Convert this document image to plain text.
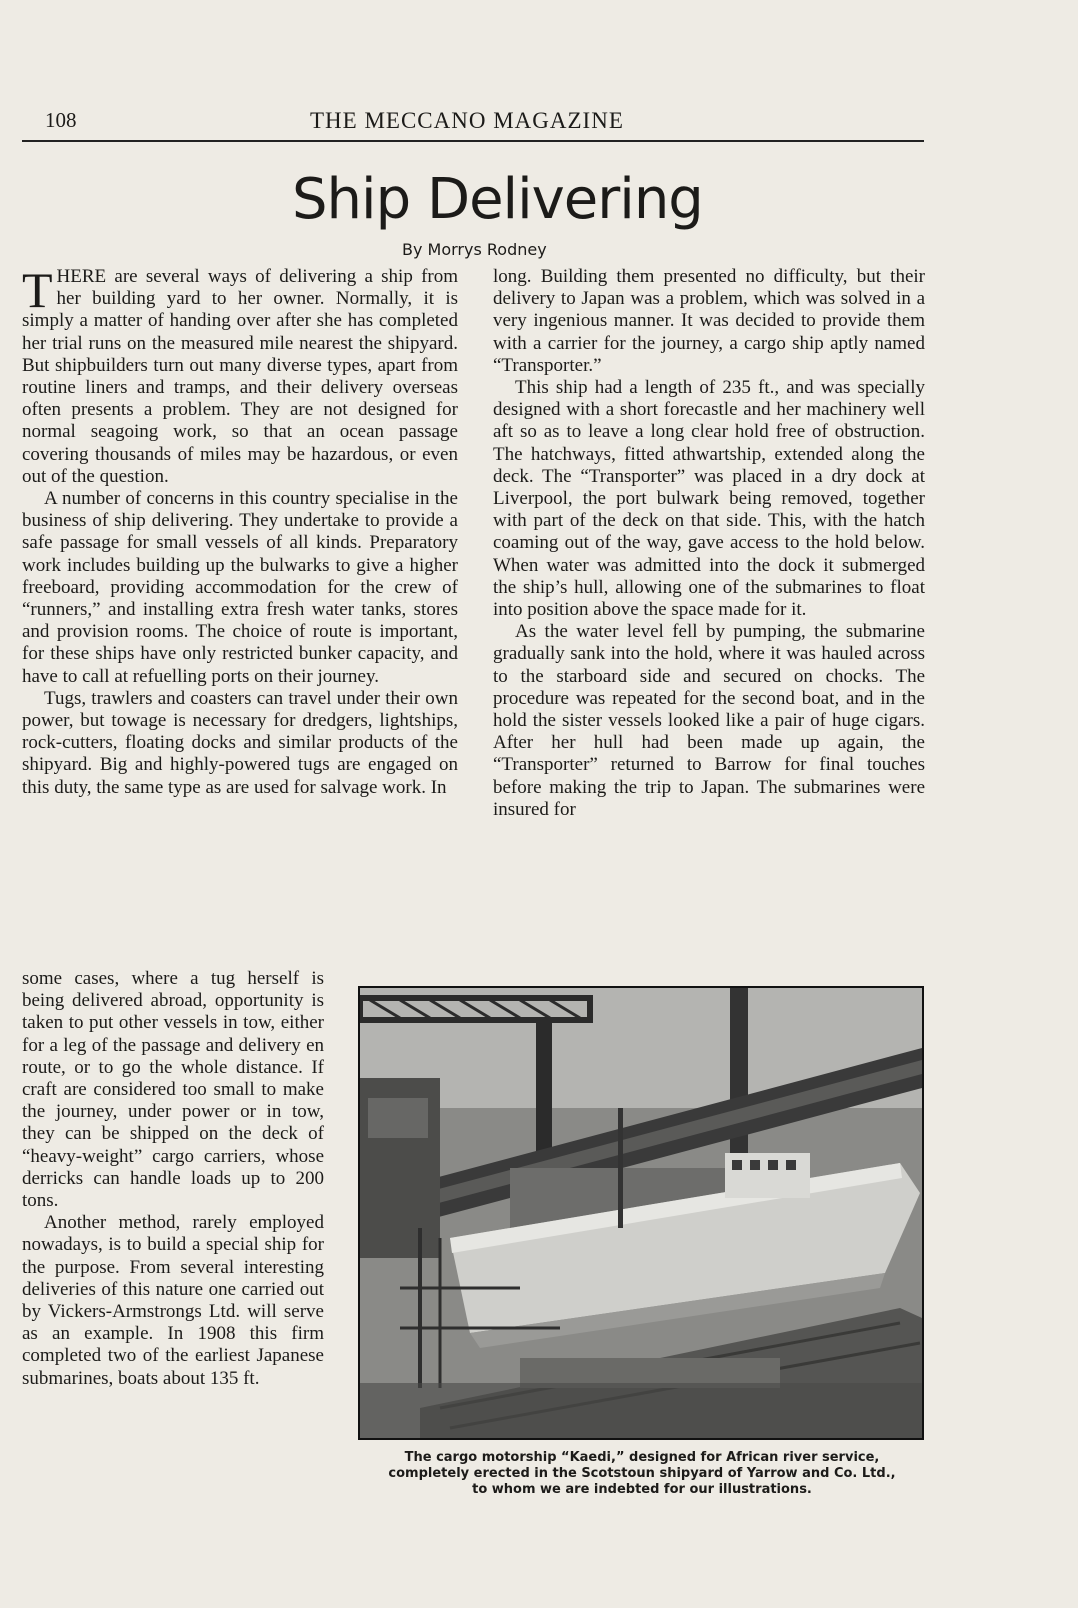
108	THE MECCANO MAGAZINE
Ship Delivering
By Morrys Rodney

THERE are several ways of delivering a ship from her building yard to her owner. Normally, it is simply a matter of handing over after she has completed her trial runs on the measured mile nearest the shipyard. But shipbuilders turn out many diverse types, apart from routine liners and tramps, and their delivery overseas often presents a problem. They are not designed for normal seagoing work, so that an ocean passage covering thousands of miles may be hazardous, or even out of the question.

A number of concerns in this country specialise in the business of ship delivering. They undertake to provide a safe passage for small vessels of all kinds. Preparatory work includes building up the bulwarks to give a higher freeboard, providing accommodation for the crew of “runners,” and installing extra fresh water tanks, stores and provision rooms. The choice of route is important, for these ships have only restricted bunker capacity, and have to call at refuelling ports on their journey.

Tugs, trawlers and coasters can travel under their own power, but towage is necessary for dredgers, lightships, rock-cutters, floating docks and similar products of the shipyard. Big and highly-powered tugs are engaged on this duty, the same type as are used for salvage work. In

some cases, where a tug herself is being delivered abroad, opportunity is taken to put other vessels in tow, either for a leg of the passage and delivery en route, or to go the whole distance. If craft are considered too small to make the journey, under power or in tow, they can be shipped on the deck of “heavy-weight” cargo carriers, whose derricks can handle loads up to 200 tons.

Another method, rarely employed nowadays, is to build a special ship for the purpose. From several interesting deliveries of this nature one carried out by Vickers-Armstrongs Ltd. will serve as an example. In 1908 this firm completed two of the earliest Japanese submarines, boats about 135 ft.

long. Building them presented no difficulty, but their delivery to Japan was a problem, which was solved in a very ingenious manner. It was decided to provide them with a carrier for the journey, a cargo ship aptly named “Transporter.”

This ship had a length of 235 ft., and was specially designed with a short forecastle and her machinery well aft so as to leave a long clear hold free of obstruction. The hatchways, fitted athwartship, extended along the deck. The “Transporter” was placed in a dry dock at Liverpool, the port bulwark being removed, together with part of the deck on that side. This, with the hatch coaming out of the way, gave access to the hold below. When water was admitted into the dock it submerged the ship’s hull, allowing one of the submarines to float into position above the space made for it.

As the water level fell by pumping, the submarine gradually sank into the hold, where it was hauled across to the starboard side and secured on chocks. The procedure was repeated for the second boat, and in the hold the sister vessels looked like a pair of huge cigars. After her hull had been made up again, the “Transporter” returned to Barrow for final touches before making the trip to Japan. The submarines were insured for

The cargo motorship “Kaedi,” designed for African river service,
completely erected in the Scotstoun shipyard of Yarrow and Co. Ltd.,
to whom we are indebted for our illustrations.
